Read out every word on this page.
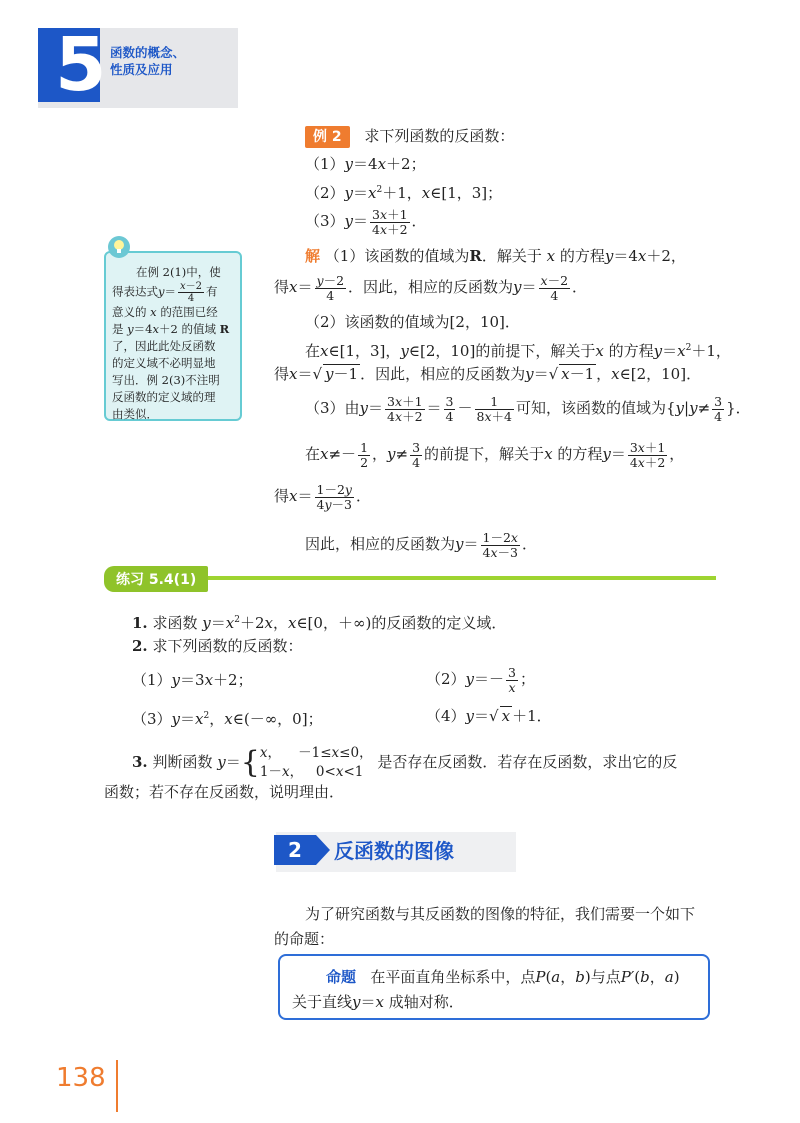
5 函数的概念、
性质及应用
例 2 求下列函数的反函数：
（1）y＝4x＋2；
$(2)y=x^2+1$，x∈[1，3]；
$(3)y= \frac{3x+1}{4x+2}$ ．
解 （1）该函数的值域为R．解关于 x 的方程y＝4x＋2，
得$x= \frac{y-2}{4}$ ．因此，相应的反函数为$y= \frac{x-2}{4}$ ．
（2）该函数的值域为[2，10]．
在x∈[1，3]，y∈[2，10]的前提下，解关于x 的方程$y=x^2+1$，
得x＝√ y－1 ．因此，相应的反函数为y＝√ x－1 ，x∈[2，10]．
（3）由$y= \frac{3x+1}{4x+2} = \frac{3}{4} - \frac{1}{8x+4}$ 可知，该函数的值域为{$y|y\ne \frac{3}{4}$ }．
在$x\ne- \frac{1}{2}$ ，$y\ne \frac{3}{4}$ 的前提下，解关于x 的方程$y= \frac{3x+1}{4x+2}$ ，
得$x= \frac{1-2y}{4y-3}$ ．
因此，相应的反函数为$y= \frac{1-2x}{4x-3}$ ．
在例 2(1)中，使
得表达式$y= \frac{x-2}{4}$ 有
意义的 x 的范围已经
是 y＝4x＋2 的值域 R
了，因此此处反函数
的定义域不必明显地
写出．例 2(3)不注明
反函数的定义域的理
由类似．
练习 5.4(1)
1. 求函数 $y=x^2+2x$，x∈[0，＋∞)的反函数的定义域．
2. 求下列函数的反函数：
（1）y＝3x＋2；	$(2)y=- \frac{3}{x}$ ；
$(3)y=x^2$，x∈(－∞，0]；	（4）y＝√ x ＋1．
3. 判断函数 y＝{ x，    －1≤x≤0，
1－x，   0<x<1
是否存在反函数．若存在反函数，求出它的反
函数；若不存在反函数，说明理由．
2	反函数的图像
为了研究函数与其反函数的图像的特征，我们需要一个如下
的命题：
命题 在平面直角坐标系中，点P(a，b)与点P′(b，a)
关于直线y＝x 成轴对称．
138
